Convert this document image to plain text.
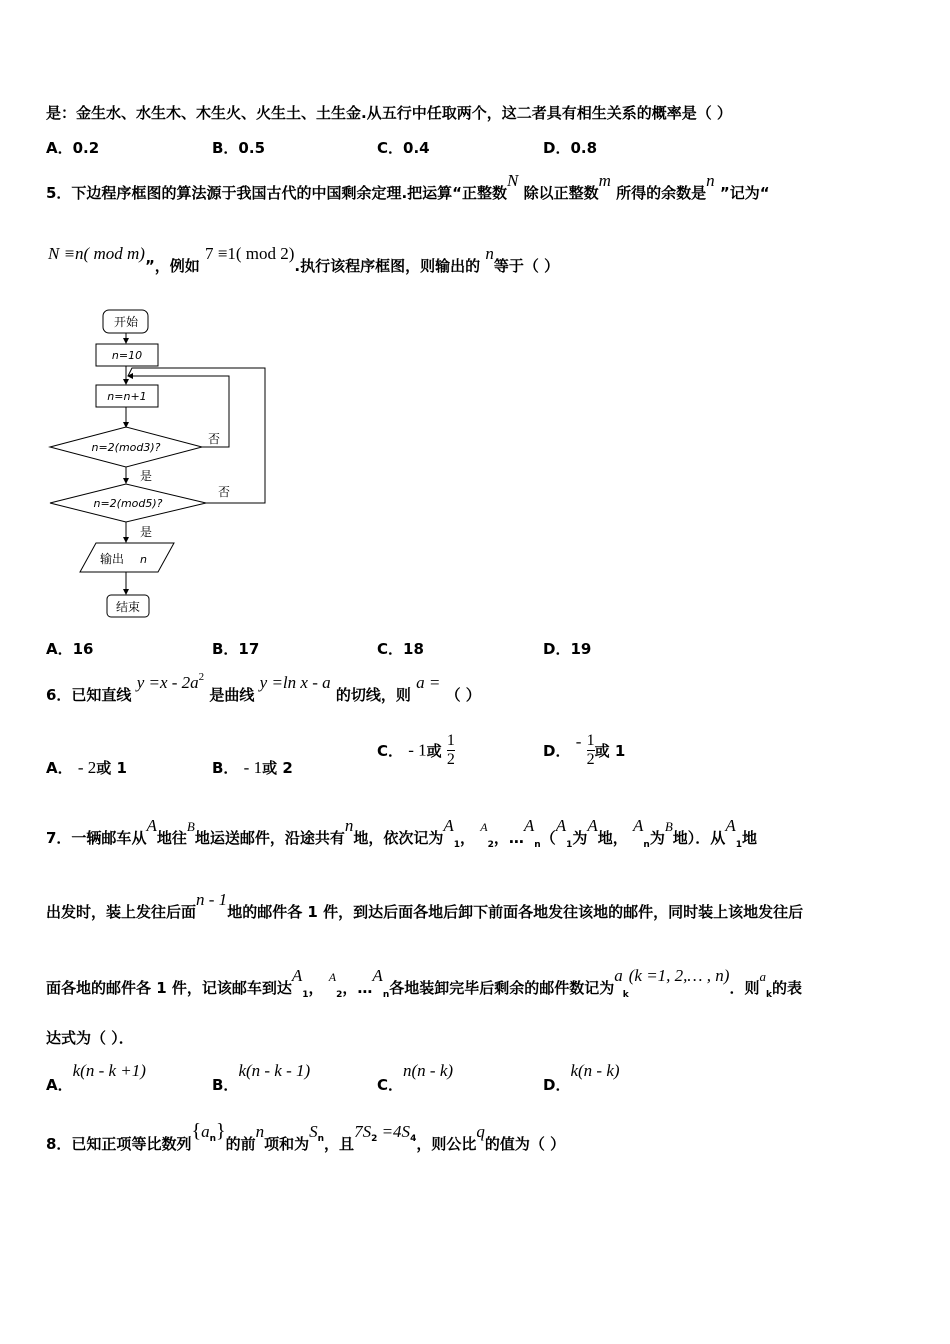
是：金生水、水生木、木生火、火生土、土生金.从五行中任取两个，这二者具有相生关系的概率是（ ）
A．0.2	B．0.5	C．0.4	D．0.8
5．下边程序框图的算法源于我国古代的中国剩余定理.把运算“正整数N 除以正整数m 所得的余数是n ”记为“
N ≡n( mod m)”，例如 7 ≡1( mod 2).执行该程序框图，则输出的 n等于（ ）
开始
n=10
n=n+1
n=2(mod3)?
n=2(mod5)?
否
否
是
是
输出 n
结束
A．16	B．17	C．18	D．19
6．已知直线 $y =x - 2a^2$ 是曲线 y =ln x - a 的切线，则 a = （ ）
A． - 2或 1	B． - 1或 2
C． - 1或 $\frac{1}{2}$	D． - $\frac{1}{2}$ 或 1
7．一辆邮车从A地往B地运送邮件，沿途共有n地，依次记为$A_1$， $^A_2$，$\dots A_n(A_1$为A地， $A_n$为B地）．从$A_1$地
出发时，装上发往后面n - 1地的邮件各 1 件，到达后面各地后卸下前面各地发往该地的邮件，同时装上该地发往后
面各地的邮件各 1 件，记该邮车到达$A_1$， $^A_2$，$\dots A_n$各地装卸完毕后剩余的邮件数记为$a_k(k =1$, 2,… , n)．则$a_k$的表
达式为（ ）．
A．k(n - k +1)
B．k(n - k - 1)
C．n(n - k)
D．k(n - k)
8．已知正项等比数列$\{a^n\}$的前n项和为$S^n$，且$7S^2 =4S^4$，则公比q的值为（ ）
